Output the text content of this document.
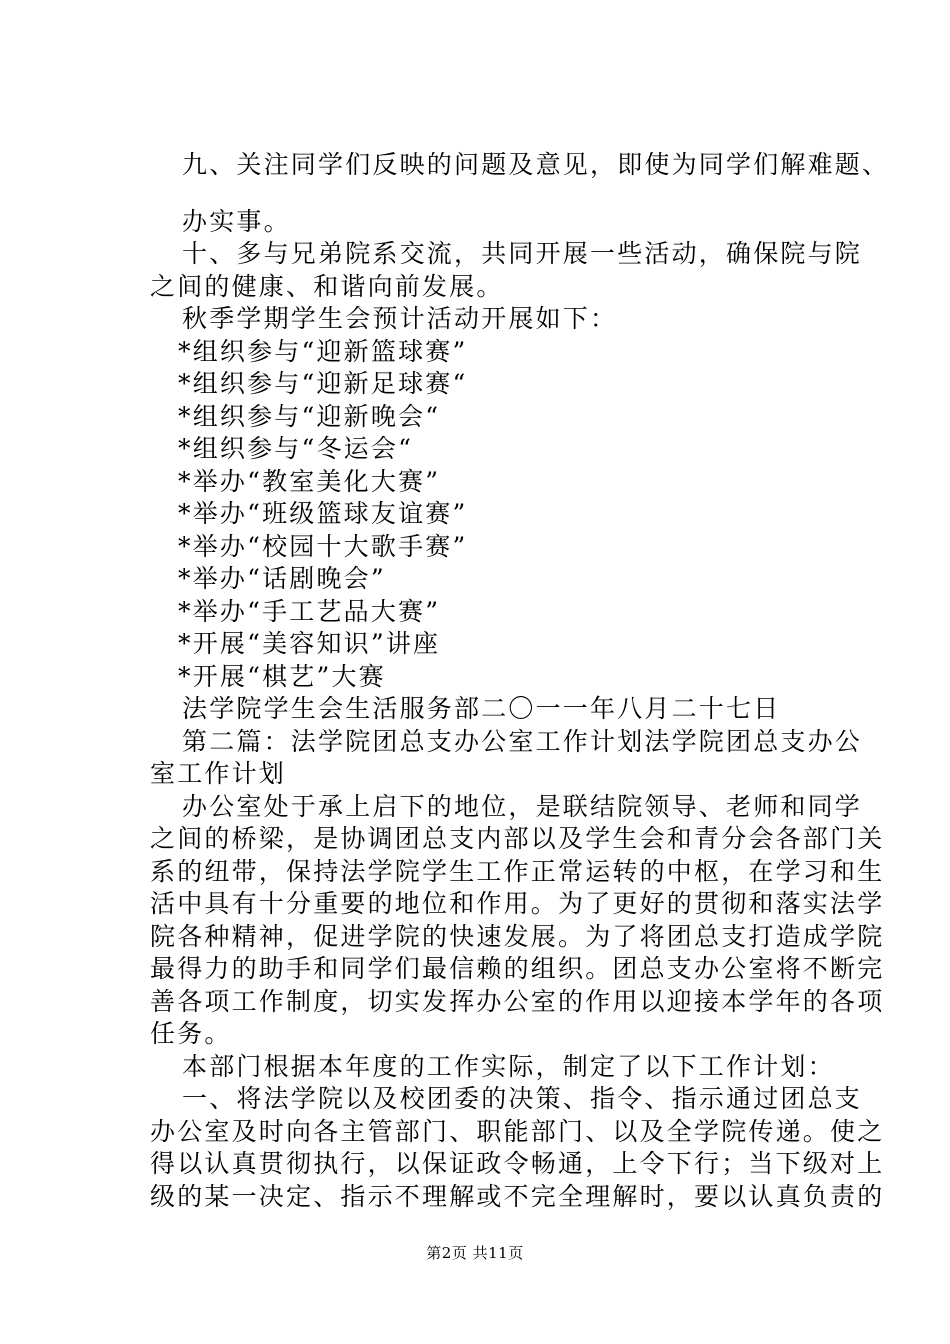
九、关注同学们反映的问题及意见，即使为同学们解难题、

办实事。

十、多与兄弟院系交流，共同开展一些活动，确保院与院

之间的健康、和谐向前发展。

秋季学期学生会预计活动开展如下：

*组织参与“迎新篮球赛”

*组织参与“迎新足球赛“

*组织参与“迎新晚会“

*组织参与“冬运会“

*举办“教室美化大赛”

*举办“班级篮球友谊赛”

*举办“校园十大歌手赛”

*举办“话剧晚会”

*举办“手工艺品大赛”

*开展“美容知识”讲座

*开展“棋艺”大赛

法学院学生会生活服务部二〇一一年八月二十七日

第二篇：法学院团总支办公室工作计划法学院团总支办公

室工作计划

办公室处于承上启下的地位，是联结院领导、老师和同学

之间的桥梁，是协调团总支内部以及学生会和青分会各部门关

系的纽带，保持法学院学生工作正常运转的中枢，在学习和生

活中具有十分重要的地位和作用。为了更好的贯彻和落实法学

院各种精神，促进学院的快速发展。为了将团总支打造成学院

最得力的助手和同学们最信赖的组织。团总支办公室将不断完

善各项工作制度，切实发挥办公室的作用以迎接本学年的各项

任务。

本部门根据本年度的工作实际，制定了以下工作计划：

一、将法学院以及校团委的决策、指令、指示通过团总支

办公室及时向各主管部门、职能部门、以及全学院传递。使之

得以认真贯彻执行，以保证政令畅通，上令下行；当下级对上

级的某一决定、指示不理解或不完全理解时，要以认真负责的

第2页 共11页
